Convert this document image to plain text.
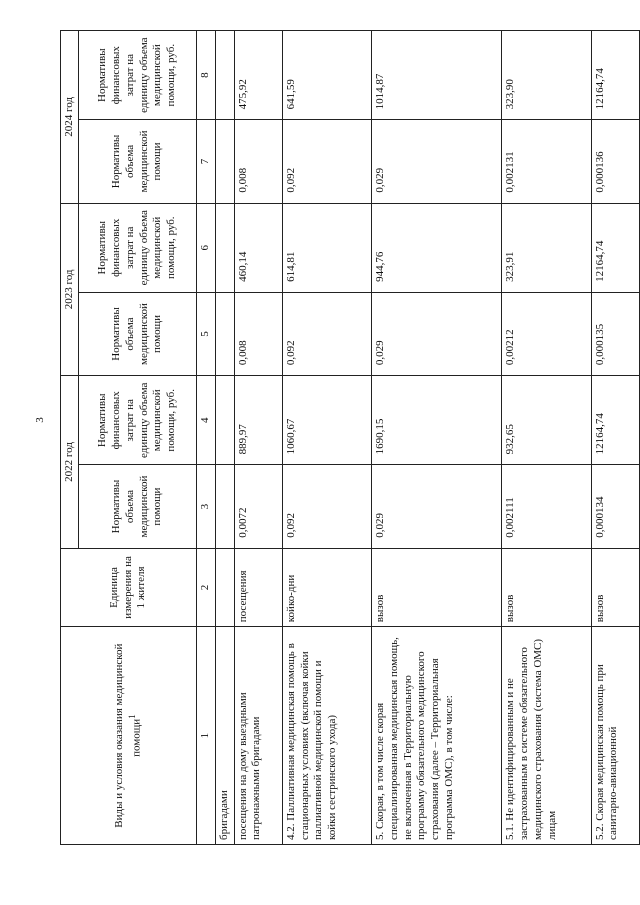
3
Виды и условия оказания медицинской помощи$^1$	Единица измерения на 1 жителя	2022 год		2023 год		2024 год	
		Нормативы объема медицинской помощи	Нормативы финансовых затрат на единицу объема медицинской помощи, руб.	Нормативы объема медицинской помощи	Нормативы финансовых затрат на единицу объема медицинской помощи, руб.	Нормативы объема медицинской помощи	Нормативы финансовых затрат на единицу объема медицинской помощи, руб.
1	2	3	4	5	6	7	8
бригадами							
посещения на дому выездными патронажными бригадами	посещения	0,0072	889,97	0,008	460,14	0,008	475,92
4.2. Паллиативная медицинская помощь в стационарных условиях (включая койки паллиативной медицинской помощи и койки сестринского ухода)	койко-дни	0,092	1060,67	0,092	614,81	0,092	641,59
5. Скорая, в том числе скорая специализированная медицинская помощь, не включенная в Территориальную программу обязательного медицинского страхования (далее – Территориальная программа ОМС), в том числе:	вызов	0,029	1690,15	0,029	944,76	0,029	1014,87
5.1. Не идентифицированным и не застрахованным в системе обязательного медицинского страхования (система ОМС) лицам	вызов	0,002111	932,65	0,00212	323,91	0,002131	323,90
5.2. Скорая медицинская помощь при санитарно-авиационной	вызов	0,000134	12164,74	0,000135	12164,74	0,000136	12164,74
